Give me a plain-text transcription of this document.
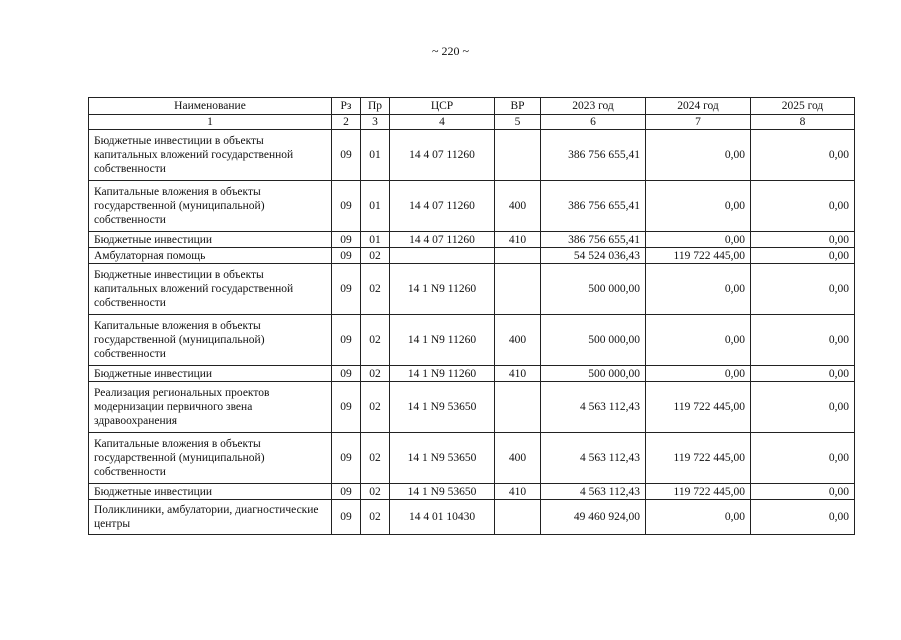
~ 220 ~
Наименование	Рз	Пр	ЦСР	ВР	2023 год	2024 год	2025 год
1	2	3	4	5	6	7	8
Бюджетные инвестиции в объекты капитальных вложений государственной собственности	09	01	14 4 07 11260		386 756 655,41	0,00	0,00
Капитальные вложения в объекты государственной (муниципальной) собственности	09	01	14 4 07 11260	400	386 756 655,41	0,00	0,00
Бюджетные инвестиции	09	01	14 4 07 11260	410	386 756 655,41	0,00	0,00
Амбулаторная помощь	09	02			54 524 036,43	119 722 445,00	0,00
Бюджетные инвестиции в объекты капитальных вложений государственной собственности	09	02	14 1 N9 11260		500 000,00	0,00	0,00
Капитальные вложения в объекты государственной (муниципальной) собственности	09	02	14 1 N9 11260	400	500 000,00	0,00	0,00
Бюджетные инвестиции	09	02	14 1 N9 11260	410	500 000,00	0,00	0,00
Реализация региональных проектов модернизации первичного звена здравоохранения	09	02	14 1 N9 53650		4 563 112,43	119 722 445,00	0,00
Капитальные вложения в объекты государственной (муниципальной) собственности	09	02	14 1 N9 53650	400	4 563 112,43	119 722 445,00	0,00
Бюджетные инвестиции	09	02	14 1 N9 53650	410	4 563 112,43	119 722 445,00	0,00
Поликлиники, амбулатории, диагностические центры	09	02	14 4 01 10430		49 460 924,00	0,00	0,00
